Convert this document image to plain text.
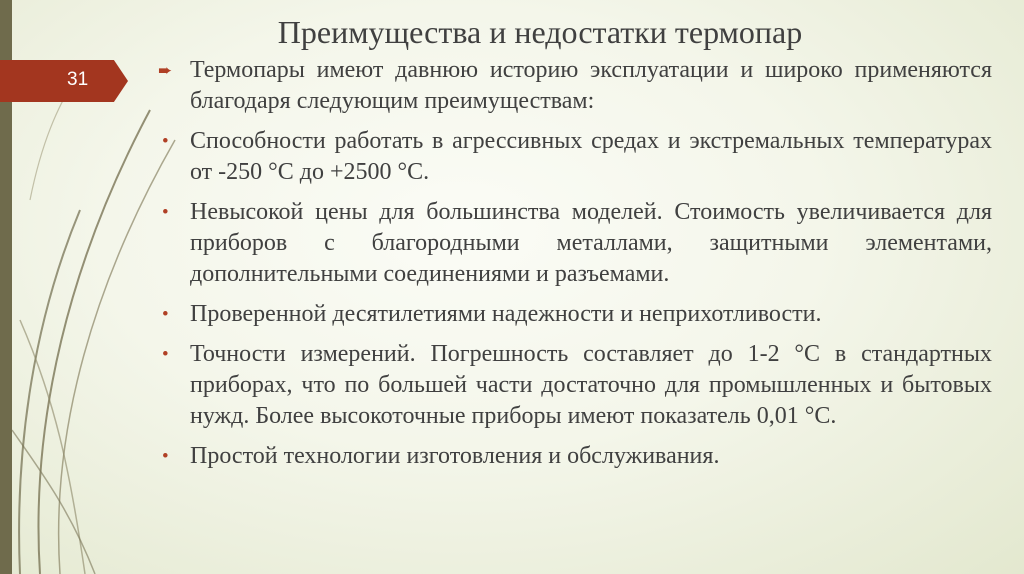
31
Преимущества и недостатки термопар
➨ Термопары имеют давнюю историю эксплуатации и широко применяются благодаря следующим преимуществам:
• Способности работать в агрессивных средах и экстремальных температурах от -250 °С до +2500 °С.
• Невысокой цены для большинства моделей. Стоимость увеличивается для приборов с благородными металлами, защитными элементами, дополнительными соединениями и разъемами.
• Проверенной десятилетиями надежности и неприхотливости.
• Точности измерений. Погрешность составляет до 1-2 °С в стандартных приборах, что по большей части достаточно для промышленных и бытовых нужд. Более высокоточные приборы имеют показатель 0,01 °С.
• Простой технологии изготовления и обслуживания.
